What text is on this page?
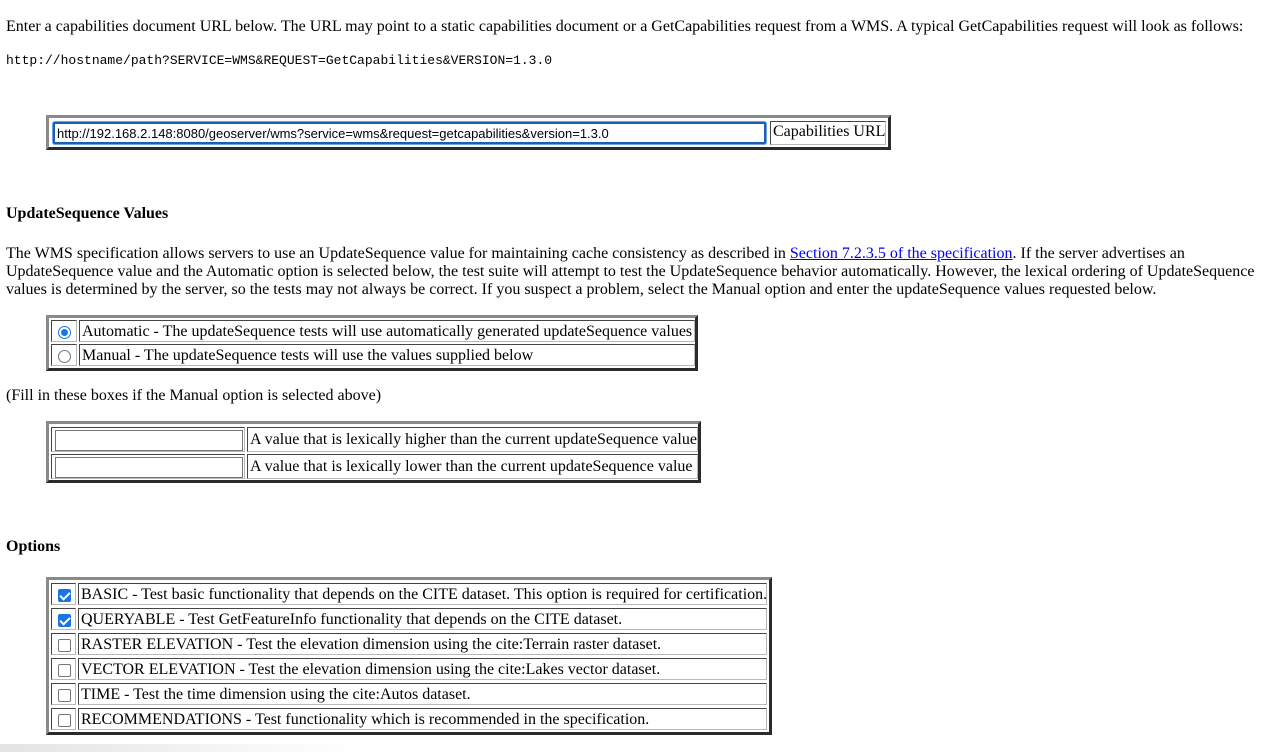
Enter a capabilities document URL below. The URL may point to a static capabilities document or a GetCapabilities request from a WMS. A typical GetCapabilities request will look as follows:

http://hostname/path?SERVICE=WMS&REQUEST=GetCapabilities&VERSION=1.3.0

http://192.168.2.148:8080/geoserver/wms?service=wms&request=getcapabilities&version=1.3.0
Capabilities URL

UpdateSequence Values

The WMS specification allows servers to use an UpdateSequence value for maintaining cache consistency as described in Section 7.2.3.5 of the specification. If the server advertises an

UpdateSequence value and the Automatic option is selected below, the test suite will attempt to test the UpdateSequence behavior automatically. However, the lexical ordering of UpdateSequence

values is determined by the server, so the tests may not always be correct. If you suspect a problem, select the Manual option and enter the updateSequence values requested below.

Automatic - The updateSequence tests will use automatically generated updateSequence values
Manual - The updateSequence tests will use the values supplied below

(Fill in these boxes if the Manual option is selected above)

A value that is lexically higher than the current updateSequence value
A value that is lexically lower than the current updateSequence value

Options

BASIC - Test basic functionality that depends on the CITE dataset. This option is required for certification.
QUERYABLE - Test GetFeatureInfo functionality that depends on the CITE dataset.
RASTER ELEVATION - Test the elevation dimension using the cite:Terrain raster dataset.
VECTOR ELEVATION - Test the elevation dimension using the cite:Lakes vector dataset.
TIME - Test the time dimension using the cite:Autos dataset.
RECOMMENDATIONS - Test functionality which is recommended in the specification.
